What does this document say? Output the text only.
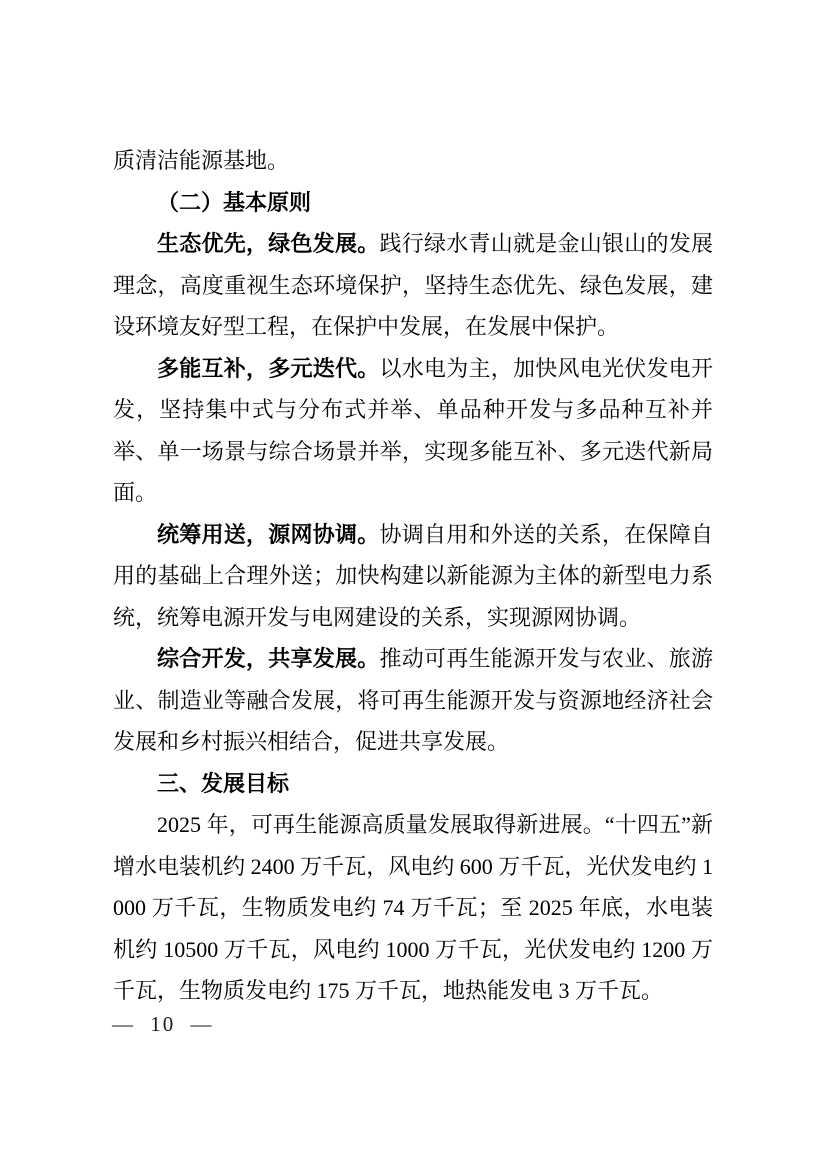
质清洁能源基地。

（二）基本原则

生态优先，绿色发展。践行绿水青山就是金山银山的发展理念，高度重视生态环境保护，坚持生态优先、绿色发展，建设环境友好型工程，在保护中发展，在发展中保护。

多能互补，多元迭代。以水电为主，加快风电光伏发电开发，坚持集中式与分布式并举、单品种开发与多品种互补并举、单一场景与综合场景并举，实现多能互补、多元迭代新局面。

统筹用送，源网协调。协调自用和外送的关系，在保障自用的基础上合理外送；加快构建以新能源为主体的新型电力系统，统筹电源开发与电网建设的关系，实现源网协调。

综合开发，共享发展。推动可再生能源开发与农业、旅游业、制造业等融合发展，将可再生能源开发与资源地经济社会发展和乡村振兴相结合，促进共享发展。

三、发展目标

2025 年，可再生能源高质量发展取得新进展。“十四五”新增水电装机约 2400 万千瓦，风电约 600 万千瓦，光伏发电约 1000 万千瓦，生物质发电约 74 万千瓦；至 2025 年底，水电装机约 10500 万千瓦，风电约 1000 万千瓦，光伏发电约 1200 万千瓦，生物质发电约 175 万千瓦，地热能发电 3 万千瓦。

— 10 —
